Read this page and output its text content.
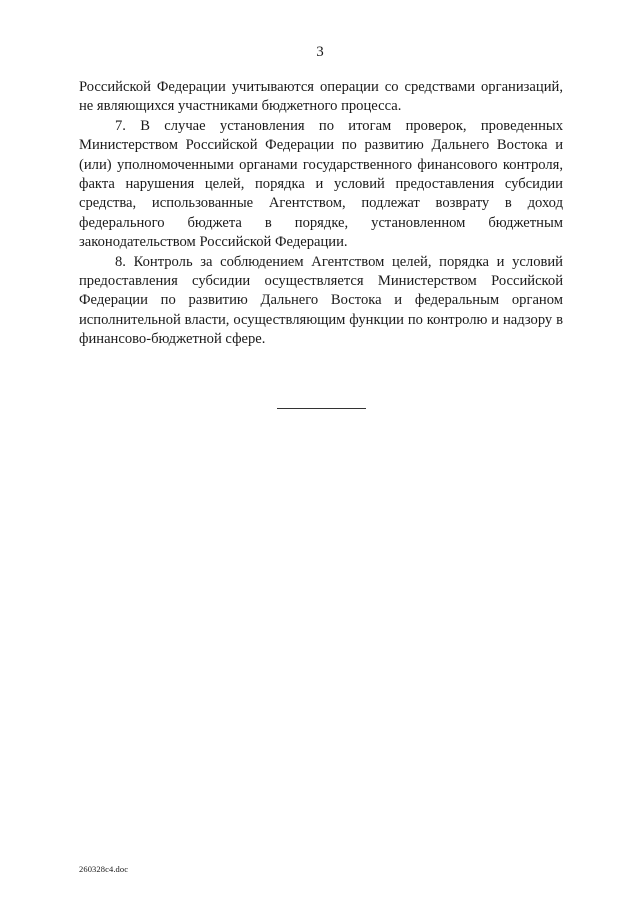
3

Российской Федерации учитываются операции со средствами организаций, не являющихся участниками бюджетного процесса.

7. В случае установления по итогам проверок, проведенных Министерством Российской Федерации по развитию Дальнего Востока и (или) уполномоченными органами государственного финансового контроля, факта нарушения целей, порядка и условий предоставления субсидии средства, использованные Агентством, подлежат возврату в доход федерального бюджета в порядке, установленном бюджетным законодательством Российской Федерации.

8. Контроль за соблюдением Агентством целей, порядка и условий предоставления субсидии осуществляется Министерством Российской Федерации по развитию Дальнего Востока и федеральным органом исполнительной власти, осуществляющим функции по контролю и надзору в финансово-бюджетной сфере.

260328c4.doc
